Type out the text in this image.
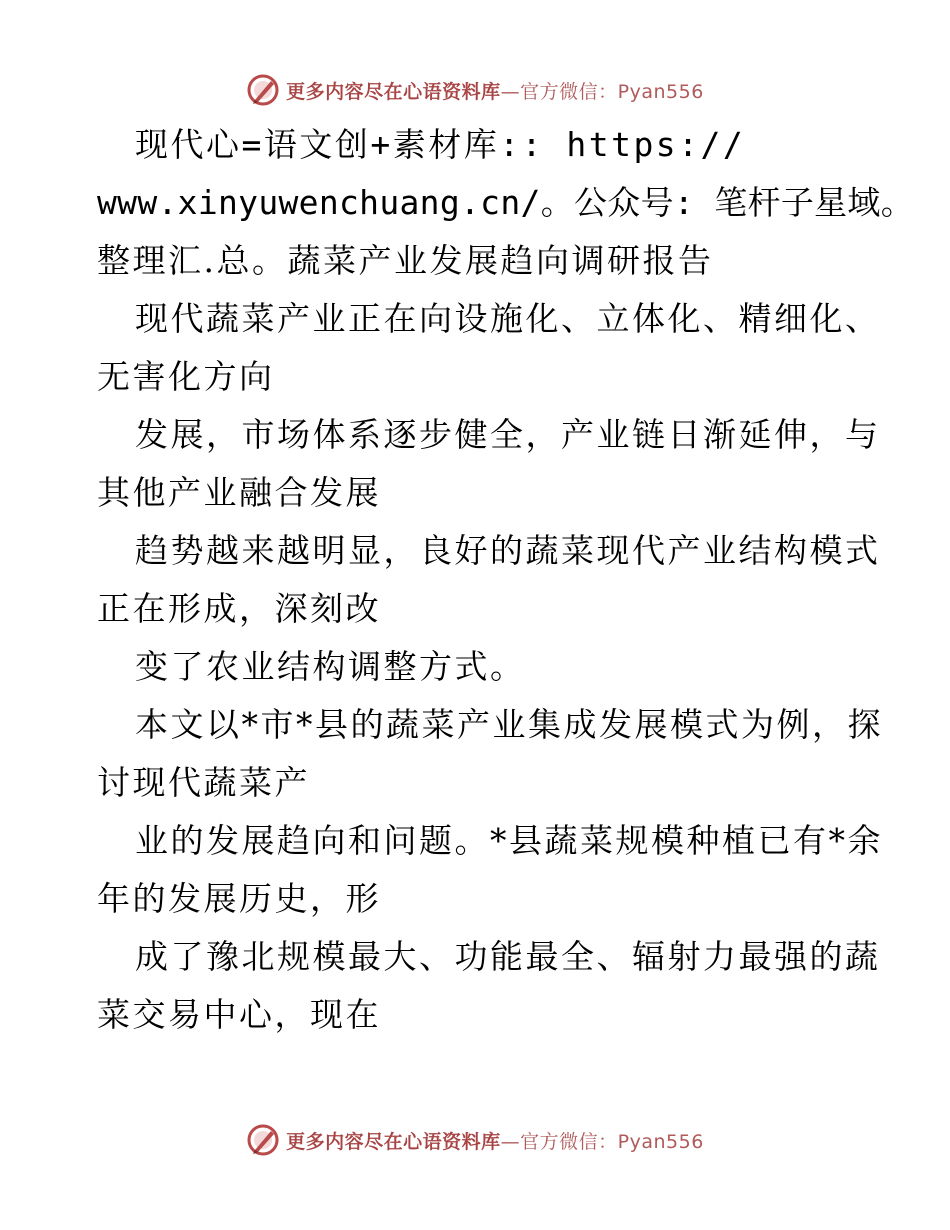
更多内容尽在心语资料库—官方微信：Pyan556
现代心=语文创+素材库:: https://
www.xinyuwenchuang.cn/。公众号: 笔杆子星域。
整理汇.总。蔬菜产业发展趋向调研报告
现代蔬菜产业正在向设施化、立体化、精细化、
无害化方向
发展，市场体系逐步健全，产业链日渐延伸，与
其他产业融合发展
趋势越来越明显，良好的蔬菜现代产业结构模式
正在形成，深刻改
变了农业结构调整方式。
本文以*市*县的蔬菜产业集成发展模式为例，探
讨现代蔬菜产
业的发展趋向和问题。*县蔬菜规模种植已有*余
年的发展历史，形
成了豫北规模最大、功能最全、辐射力最强的蔬
菜交易中心，现在
更多内容尽在心语资料库—官方微信：Pyan556
